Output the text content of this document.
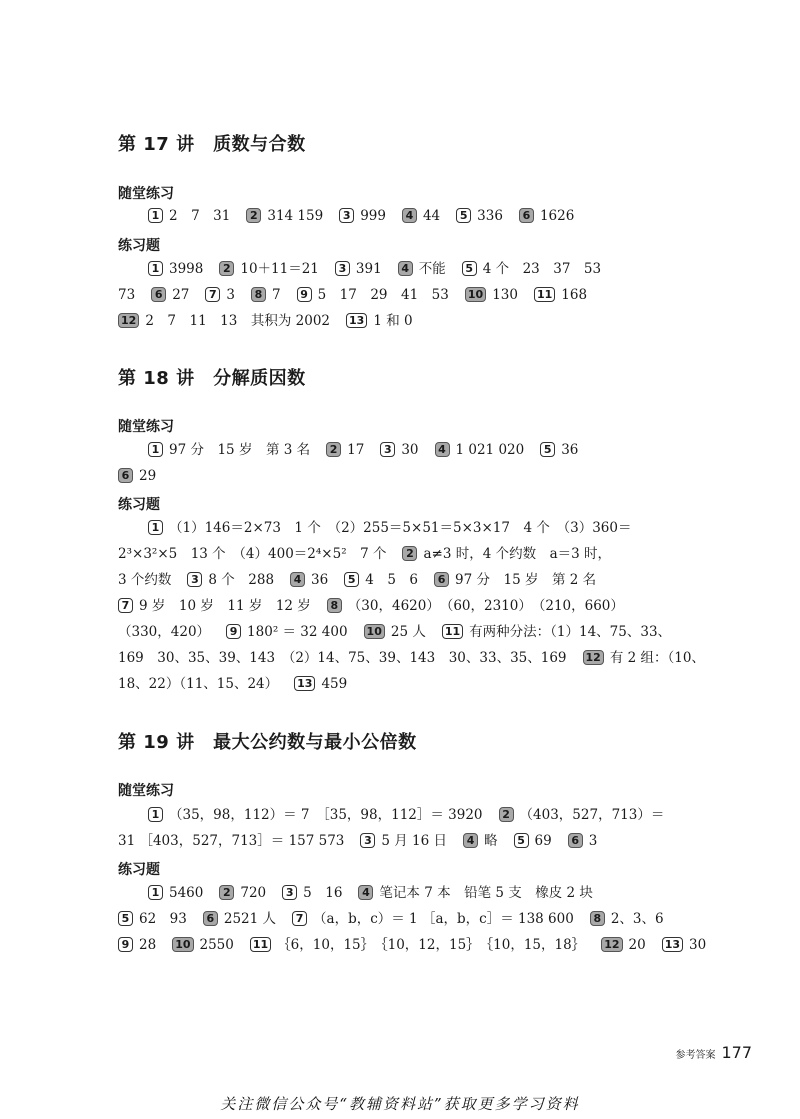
第 17 讲　质数与合数
随堂练习
1 2　7　31 2 314 159 3 999 4 44 5 336 6 1626
练习题
1 3998 2 10＋11＝21 3 391 4 不能 5 4 个　23　37　53
73 6 27 7 3 8 7 9 5　17　29　41　53 10 130 11 168
12 2　7　11　13　其积为 2002 13 1 和 0
第 18 讲　分解质因数
随堂练习
1 97 分　15 岁　第 3 名 2 17 3 30 4 1 021 020 5 36
6 29
练习题
1 （1）146＝2×73　1 个　（2）255＝5×51＝5×3×17　4 个　（3）360＝
2³×3²×5　13 个　（4）400＝2⁴×5²　7 个 2 a≠3 时，4 个约数　a＝3 时，
3 个约数 3 8 个　288 4 36 5 4　5　6 6 97 分　15 岁　第 2 名
7 9 岁　10 岁　11 岁　12 岁 8 （30，4620）　（60，2310）　（210，660）
（330，420） 9 180² ＝ 32 400 10 25 人 11 有两种分法：（1）14、75、33、
169　30、35、39、143　（2）14、75、39、143　30、33、35、169 12 有 2 组：（10、
18、22）（11、15、24） 13 459
第 19 讲　最大公约数与最小公倍数
随堂练习
1 （35，98，112）＝ 7　［35，98，112］＝ 3920 2 （403，527，713）＝
31 ［403，527，713］＝ 157 573 3 5 月 16 日 4 略 5 69 6 3
练习题
1 5460 2 720 3 5　16 4 笔记本 7 本　铅笔 5 支　橡皮 2 块
5 62　93 6 2521 人 7 （a，b，c）＝ 1 ［a，b，c］＝ 138 600 8 2、3、6
9 28 10 2550 11 ｛6，10，15｝　｛10，12，15｝　｛10，15，18｝ 12 20 13 30
参考答案 177
关注微信公众号“教辅资料站”获取更多学习资料
